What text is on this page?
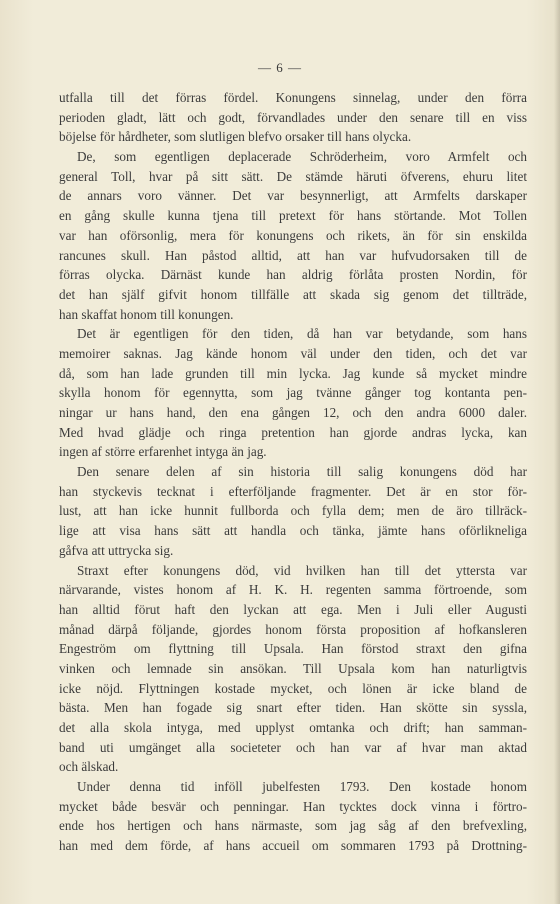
— 6 —
utfalla till det förras fördel. Konungens sinnelag, under den förra
perioden gladt, lätt och godt, förvandlades under den senare till en viss
böjelse för hårdheter, som slutligen blefvo orsaker till hans olycka.
De, som egentligen deplacerade Schröderheim, voro Armfelt och
general Toll, hvar på sitt sätt. De stämde häruti öfverens, ehuru litet
de annars voro vänner. Det var besynnerligt, att Armfelts darskaper
en gång skulle kunna tjena till pretext för hans störtande. Mot Tollen
var han oförsonlig, mera för konungens och rikets, än för sin enskilda
rancunes skull. Han påstod alltid, att han var hufvudorsaken till de
förras olycka. Därnäst kunde han aldrig förlåta prosten Nordin, för
det han själf gifvit honom tillfälle att skada sig genom det tillträde,
han skaffat honom till konungen.
Det är egentligen för den tiden, då han var betydande, som hans
memoirer saknas. Jag kände honom väl under den tiden, och det var
då, som han lade grunden till min lycka. Jag kunde så mycket mindre
skylla honom för egennytta, som jag tvänne gånger tog kontanta pen-
ningar ur hans hand, den ena gången 12, och den andra 6000 daler.
Med hvad glädje och ringa pretention han gjorde andras lycka, kan
ingen af större erfarenhet intyga än jag.
Den senare delen af sin historia till salig konungens död har
han styckevis tecknat i efterföljande fragmenter. Det är en stor för-
lust, att han icke hunnit fullborda och fylla dem; men de äro tillräck-
lige att visa hans sätt att handla och tänka, jämte hans oförlikneliga
gåfva att uttrycka sig.
Straxt efter konungens död, vid hvilken han till det yttersta var
närvarande, vistes honom af H. K. H. regenten samma förtroende, som
han alltid förut haft den lyckan att ega. Men i Juli eller Augusti
månad därpå följande, gjordes honom första proposition af hofkansleren
Engeström om flyttning till Upsala. Han förstod straxt den gifna
vinken och lemnade sin ansökan. Till Upsala kom han naturligtvis
icke nöjd. Flyttningen kostade mycket, och lönen är icke bland de
bästa. Men han fogade sig snart efter tiden. Han skötte sin syssla,
det alla skola intyga, med upplyst omtanka och drift; han samman-
band uti umgänget alla societeter och han var af hvar man aktad
och älskad.
Under denna tid inföll jubelfesten 1793. Den kostade honom
mycket både besvär och penningar. Han tycktes dock vinna i förtro-
ende hos hertigen och hans närmaste, som jag såg af den brefvexling,
han med dem förde, af hans accueil om sommaren 1793 på Drottning-
